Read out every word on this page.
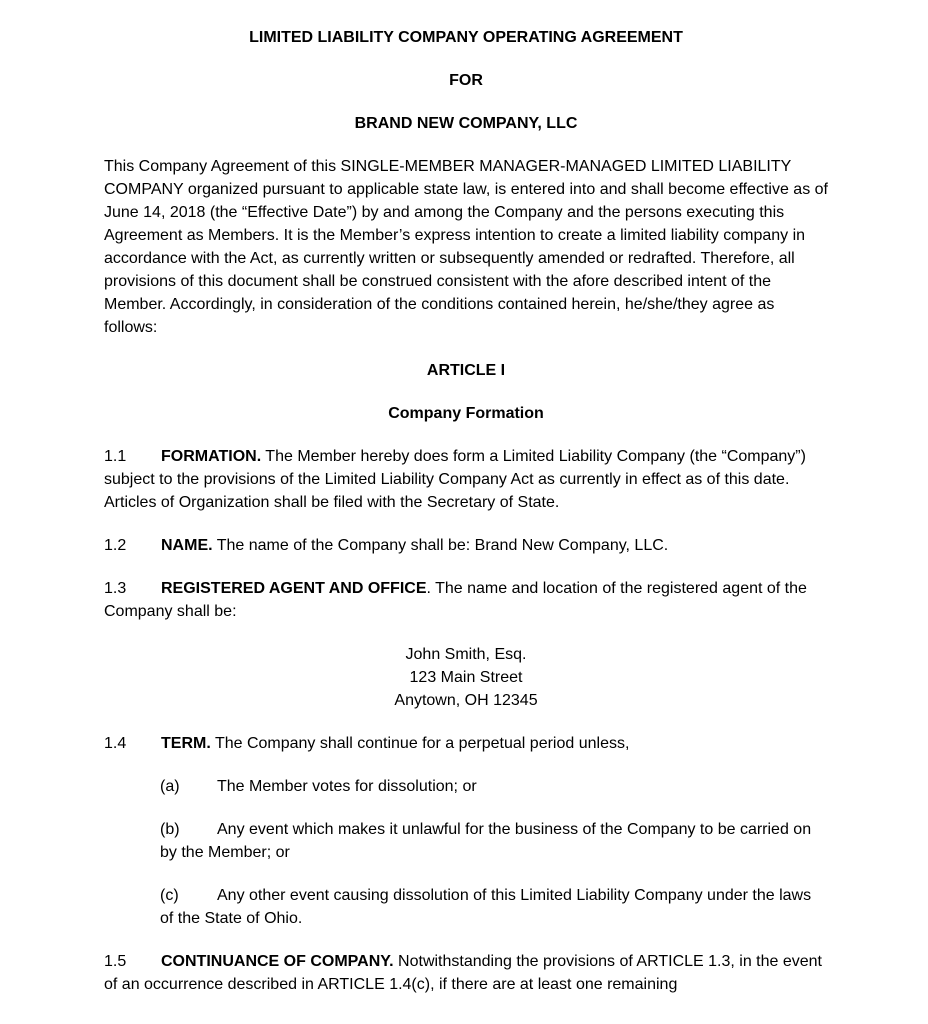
LIMITED LIABILITY COMPANY OPERATING AGREEMENT

FOR

BRAND NEW COMPANY, LLC

This Company Agreement of this SINGLE-MEMBER MANAGER-MANAGED LIMITED LIABILITY COMPANY organized pursuant to applicable state law, is entered into and shall become effective as of June 14, 2018 (the “Effective Date”) by and among the Company and the persons executing this Agreement as Members. It is the Member’s express intention to create a limited liability company in accordance with the Act, as currently written or subsequently amended or redrafted. Therefore, all provisions of this document shall be construed consistent with the afore described intent of the Member. Accordingly, in consideration of the conditions contained herein, he/she/they agree as follows:

ARTICLE I

Company Formation

1.1 FORMATION. The Member hereby does form a Limited Liability Company (the “Company”) subject to the provisions of the Limited Liability Company Act as currently in effect as of this date. Articles of Organization shall be filed with the Secretary of State.

1.2 NAME. The name of the Company shall be: Brand New Company, LLC.

1.3 REGISTERED AGENT AND OFFICE. The name and location of the registered agent of the Company shall be:

John Smith, Esq.
123 Main Street
Anytown, OH 12345

1.4 TERM. The Company shall continue for a perpetual period unless,

(a) The Member votes for dissolution; or

(b) Any event which makes it unlawful for the business of the Company to be carried on by the Member; or

(c) Any other event causing dissolution of this Limited Liability Company under the laws of the State of Ohio.

1.5 CONTINUANCE OF COMPANY. Notwithstanding the provisions of ARTICLE 1.3, in the event of an occurrence described in ARTICLE 1.4(c), if there are at least one remaining
